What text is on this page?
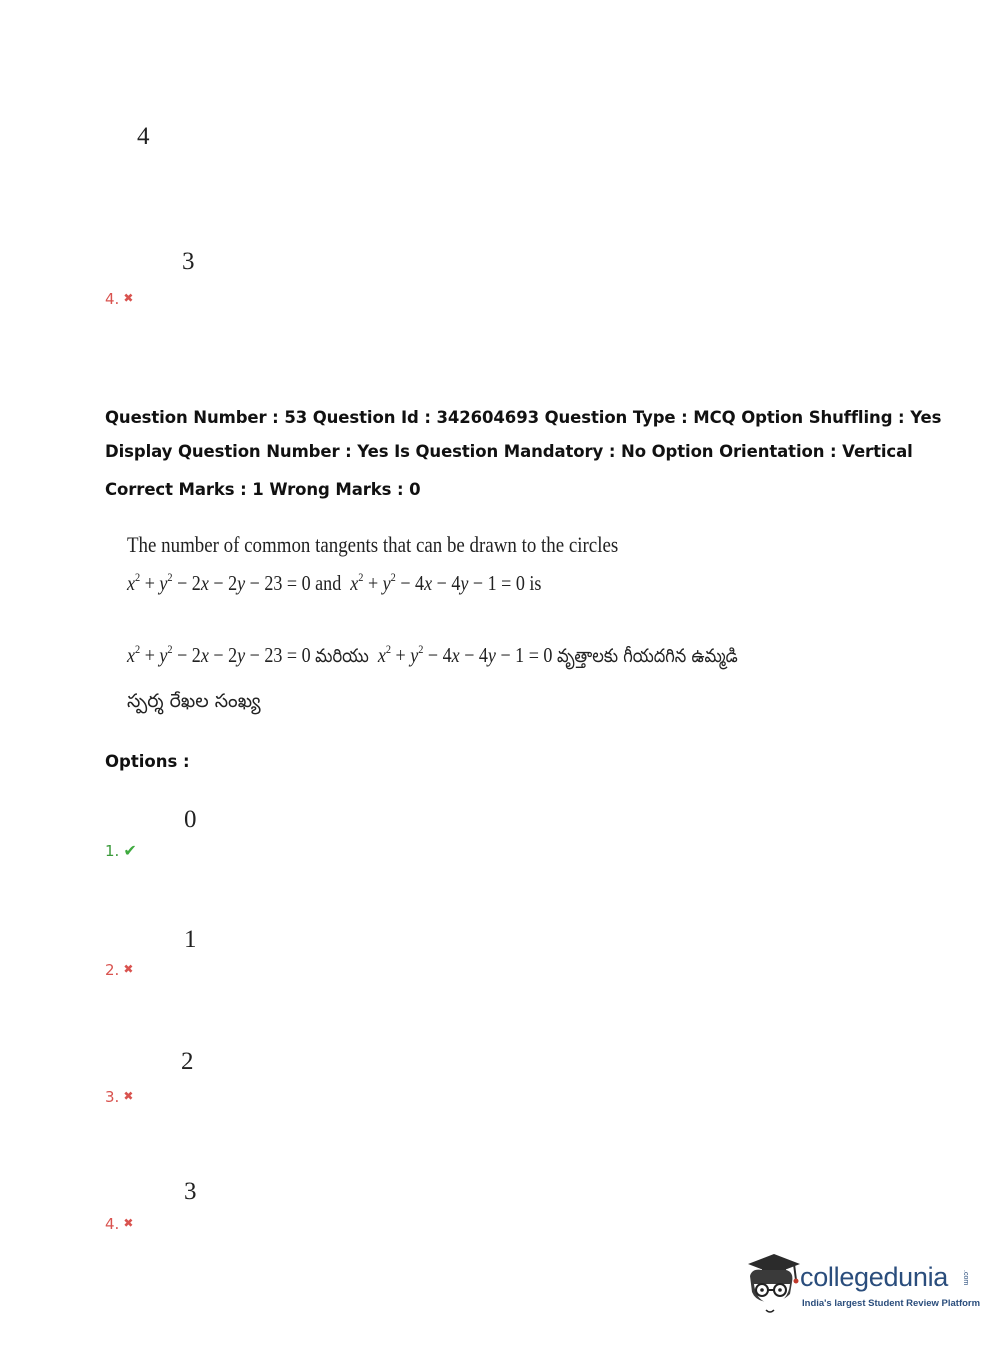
4
3
4. ✖
Question Number : 53 Question Id : 342604693 Question Type : MCQ Option Shuffling : Yes
Display Question Number : Yes Is Question Mandatory : No Option Orientation : Vertical
Correct Marks : 1 Wrong Marks : 0
The number of common tangents that can be drawn to the circles
$x^2 + y^2 - 2x - 2y - 23 = 0$ and $x^2 + y^2 - 4x - 4y - 1 = 0$ is
$x^2 + y^2 - 2x - 2y - 23 = 0$ మరియు $x^2 + y^2 - 4x - 4y - 1 = 0$ వృత్తాలకు గీయదగిన ఉమ్మడి
స్పర్శ రేఖల సంఖ్య
Options :
0
1. ✔
1
2. ✖
2
3. ✖
3
4. ✖
collegedunia .com
India's largest Student Review Platform
